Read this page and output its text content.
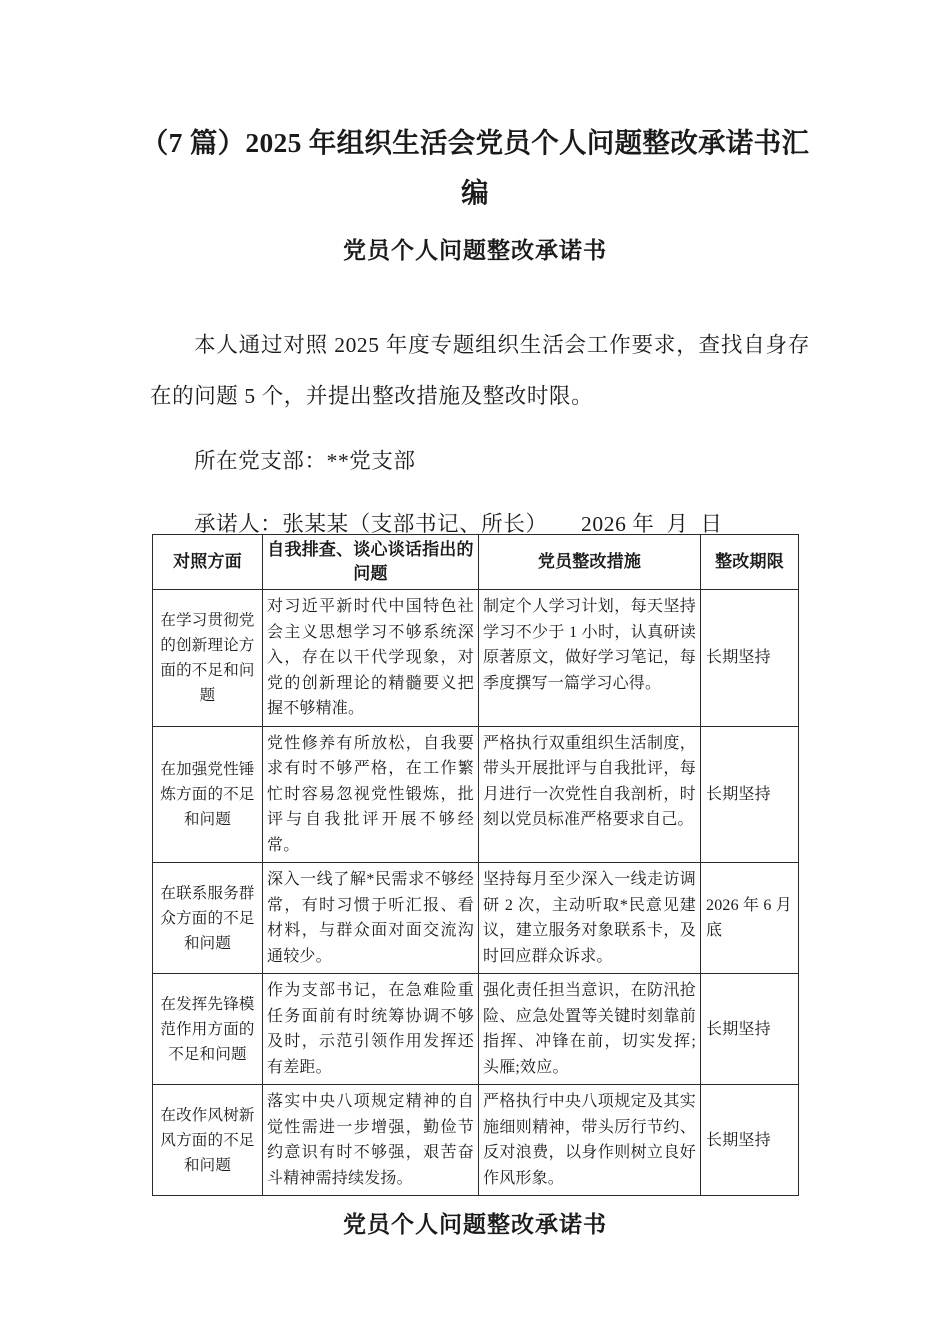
（7 篇）2025 年组织生活会党员个人问题整改承诺书汇编
党员个人问题整改承诺书

本人通过对照 2025 年度专题组织生活会工作要求，查找自身存在的问题 5 个，并提出整改措施及整改时限。

所在党支部：**党支部

承诺人：张某某（支部书记、所长）　　2026 年  月  日

对照方面	自我排查、谈心谈话指出的问题	党员整改措施	整改期限
在学习贯彻党的创新理论方面的不足和问题	对习近平新时代中国特色社会主义思想学习不够系统深入，存在以干代学现象，对党的创新理论的精髓要义把握不够精准。	制定个人学习计划，每天坚持学习不少于 1 小时，认真研读原著原文，做好学习笔记，每季度撰写一篇学习心得。	长期坚持
在加强党性锤炼方面的不足和问题	党性修养有所放松，自我要求有时不够严格，在工作繁忙时容易忽视党性锻炼，批评与自我批评开展不够经常。	严格执行双重组织生活制度，带头开展批评与自我批评，每月进行一次党性自我剖析，时刻以党员标准严格要求自己。	长期坚持
在联系服务群众方面的不足和问题	深入一线了解*民需求不够经常，有时习惯于听汇报、看材料，与群众面对面交流沟通较少。	坚持每月至少深入一线走访调研 2 次，主动听取*民意见建议，建立服务对象联系卡，及时回应群众诉求。	2026 年 6 月底
在发挥先锋模范作用方面的不足和问题	作为支部书记，在急难险重任务面前有时统筹协调不够及时，示范引领作用发挥还有差距。	强化责任担当意识，在防汛抢险、应急处置等关键时刻靠前指挥、冲锋在前，切实发挥;头雁;效应。	长期坚持
在改作风树新风方面的不足和问题	落实中央八项规定精神的自觉性需进一步增强，勤俭节约意识有时不够强，艰苦奋斗精神需持续发扬。	严格执行中央八项规定及其实施细则精神，带头厉行节约、反对浪费，以身作则树立良好作风形象。	长期坚持
党员个人问题整改承诺书
